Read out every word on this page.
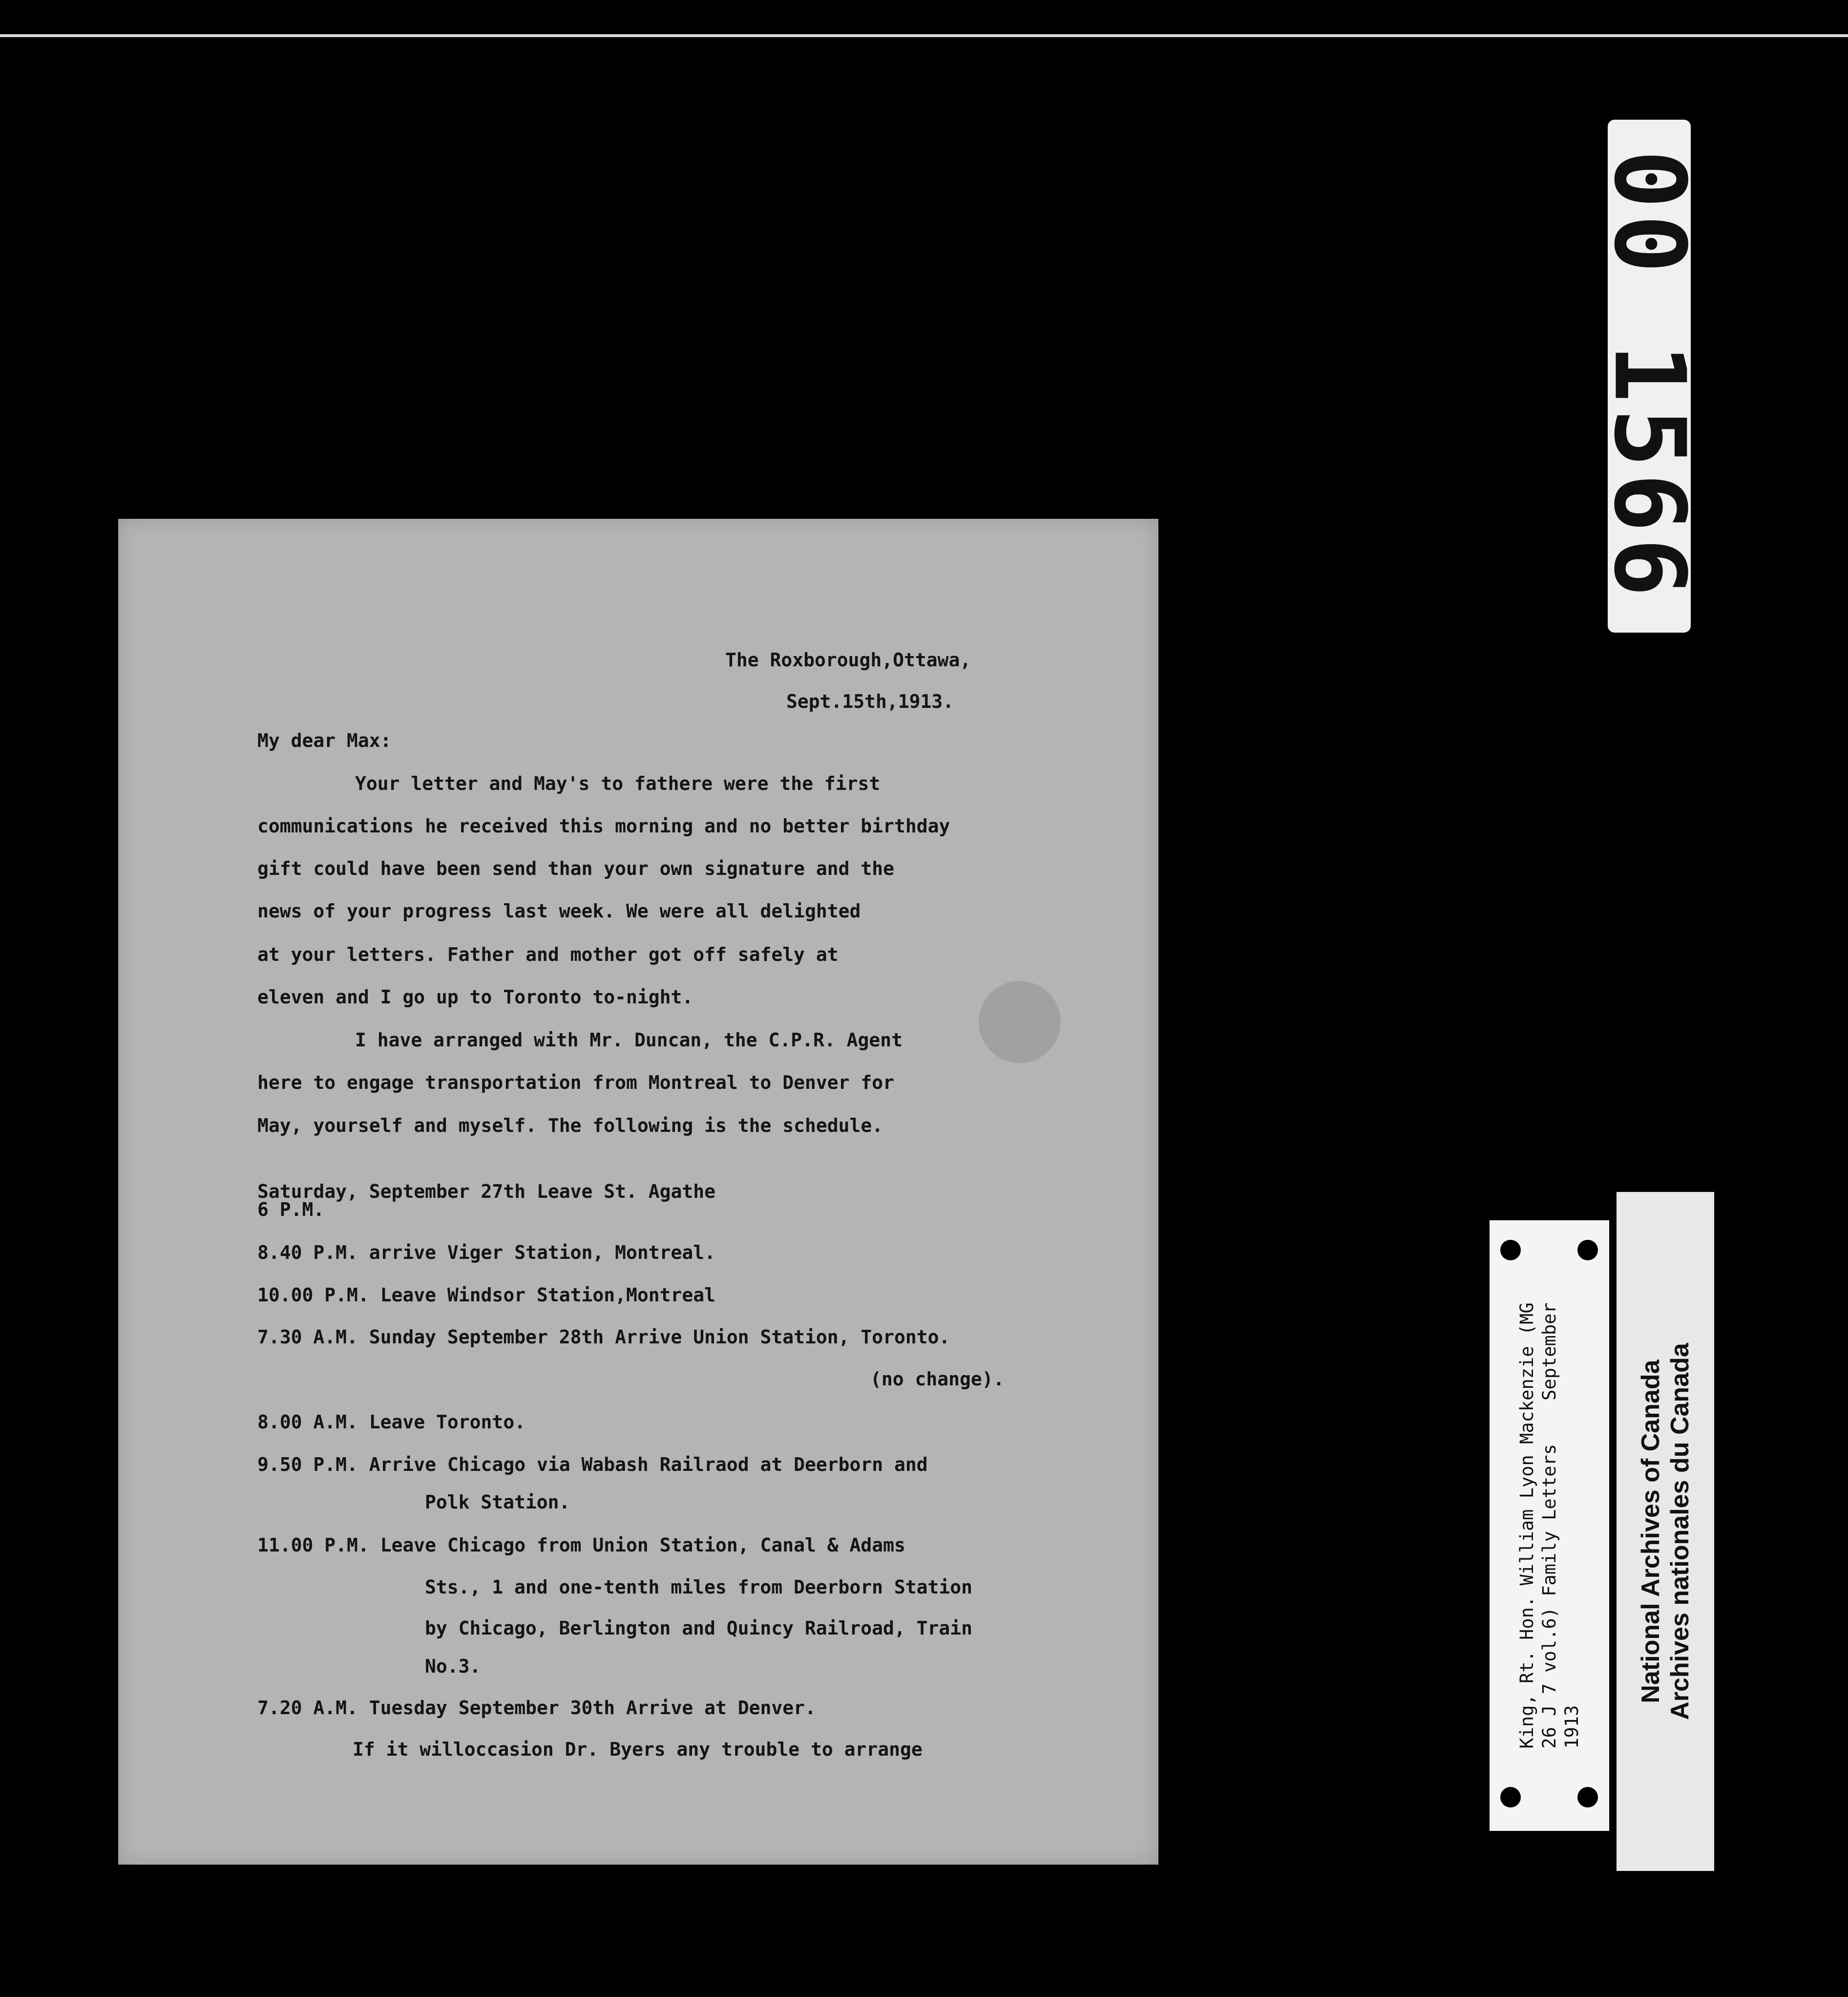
00 1566
●
The Roxborough,Ottawa,
Sept.15th,1913.
My dear Max:
Your letter and May's to fathere were the first
communications he received this morning and no better birthday
gift could have been send than your own signature and the
news of your progress last week. We were all delighted
at your letters. Father and mother got off safely at
eleven and I go up to Toronto to-night.
I have arranged with Mr. Duncan, the C.P.R. Agent
here to engage transportation from Montreal to Denver for
May, yourself and myself. The following is the schedule.
Saturday, September 27th Leave St. Agathe
6 P.M.
8.40 P.M. arrive Viger Station, Montreal.
10.00 P.M. Leave Windsor Station,Montreal
7.30 A.M. Sunday September 28th Arrive Union Station, Toronto.
(no change).
8.00 A.M. Leave Toronto.
9.50 P.M. Arrive Chicago via Wabash Railraod at Deerborn and
Polk Station.
11.00 P.M. Leave Chicago from Union Station, Canal & Adams
Sts., 1 and one-tenth miles from Deerborn Station
by Chicago, Berlington and Quincy Railroad, Train
No.3.
7.20 A.M. Tuesday September 30th Arrive at Denver.
If it willoccasion Dr. Byers any trouble to arrange
King, Rt. Hon. William Lyon Mackenzie (MG 26 J 7 vol.6) Family Letters    September 1913
National Archives of Canada Archives nationales du Canada
